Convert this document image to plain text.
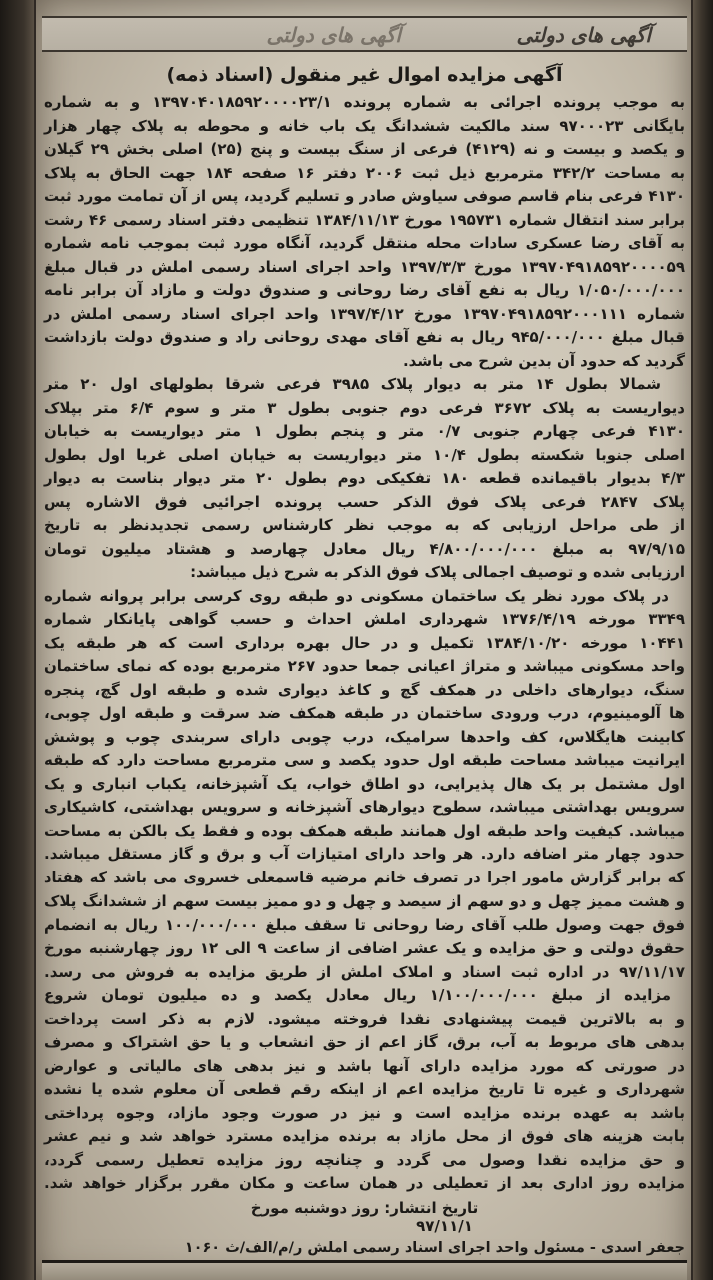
آگهی های دولتی
آگهی های دولتی
آگهی مزایده اموال غیر منقول (اسناد ذمه)
به موجب پرونده اجرائی به شماره پرونده ۱۳۹۷۰۴۰۱۸۵۹۲۰۰۰۰۲۳/۱ و به شماره
بایگانی ۹۷۰۰۰۲۳ سند مالکیت ششدانگ یک باب خانه و محوطه به پلاک چهار هزار
و یکصد و بیست و نه (۴۱۲۹) فرعی از سنگ بیست و پنج (۲۵) اصلی بخش ۲۹ گیلان
به مساحت ۳۴۲/۲ مترمربع ذیل ثبت ۲۰۰۶ دفتر ۱۶ صفحه ۱۸۴ جهت الحاق به پلاک
۴۱۳۰ فرعی بنام قاسم صوفی سیاوش صادر و تسلیم گردید، پس از آن تمامت مورد ثبت
برابر سند انتقال شماره ۱۹۵۷۳۱ مورخ ۱۳۸۴/۱۱/۱۳ تنظیمی دفتر اسناد رسمی ۴۶ رشت
به آقای رضا عسکری سادات محله منتقل گردید، آنگاه مورد ثبت بموجب نامه شماره
۱۳۹۷۰۴۹۱۸۵۹۲۰۰۰۰۵۹ مورخ ۱۳۹۷/۳/۳ واحد اجرای اسناد رسمی املش در قبال مبلغ
۱/۰۵۰/۰۰۰/۰۰۰ ریال به نفع آقای رضا روحانی و صندوق دولت و مازاد آن برابر نامه
شماره ۱۳۹۷۰۴۹۱۸۵۹۲۰۰۰۱۱۱ مورخ ۱۳۹۷/۴/۱۲ واحد اجرای اسناد رسمی املش در
قبال مبلغ ۹۴۵/۰۰۰/۰۰۰ ریال به نفع آقای مهدی روحانی راد و صندوق دولت بازداشت
گردید که حدود آن بدین شرح می باشد.
شمالا بطول ۱۴ متر به دیوار پلاک ۳۹۸۵ فرعی شرقا بطولهای اول ۲۰ متر
دیواریست به پلاک ۳۶۷۲ فرعی دوم جنوبی بطول ۳ متر و سوم ۶/۴ متر بپلاک
۴۱۳۰ فرعی چهارم جنوبی ۰/۷ متر و پنجم بطول ۱ متر دیواریست به خیابان
اصلی جنوبا شکسته بطول ۱۰/۴ متر دیواریست به خیابان اصلی غربا اول بطول
۴/۳ بدیوار باقیمانده قطعه ۱۸۰ تفکیکی دوم بطول ۲۰ متر دیوار بناست به دیوار
پلاک ۲۸۴۷ فرعی پلاک فوق الذکر حسب پرونده اجرائیی فوق الاشاره پس
از طی مراحل ارزیابی که به موجب نظر کارشناس رسمی تجدیدنظر به تاریخ
۹۷/۹/۱۵ به مبلغ ۴/۸۰۰/۰۰۰/۰۰۰ ریال معادل چهارصد و هشتاد میلیون تومان
ارزیابی شده و توصیف اجمالی پلاک فوق الذکر به شرح ذیل میباشد:
در پلاک مورد نظر یک ساختمان مسکونی دو طبقه روی کرسی برابر پروانه شماره
۳۳۴۹ مورخه ۱۳۷۶/۴/۱۹ شهرداری املش احداث و حسب گواهی پایانکار شماره
۱۰۴۴۱ مورخه ۱۳۸۴/۱۰/۲۰ تکمیل و در حال بهره برداری است که هر طبقه یک
واحد مسکونی میباشد و متراژ اعیانی جمعا حدود ۲۶۷ مترمربع بوده که نمای ساختمان
سنگ، دیوارهای داخلی در همکف گچ و کاغذ دیواری شده و طبقه اول گچ، پنجره
ها آلومینیوم، درب ورودی ساختمان در طبقه همکف ضد سرقت و طبقه اول چوبی،
کابینت هایگلاس، کف واحدها سرامیک، درب چوبی دارای سربندی چوب و پوشش
ایرانیت میباشد مساحت طبقه اول حدود یکصد و سی مترمربع مساحت دارد که طبقه
اول مشتمل بر یک هال پذیرایی، دو اطاق خواب، یک آشپزخانه، یکباب انباری و یک
سرویس بهداشتی میباشد، سطوح دیوارهای آشپزخانه و سرویس بهداشتی، کاشیکاری
میباشد. کیفیت واحد طبقه اول همانند طبقه همکف بوده و فقط یک بالکن به مساحت
حدود چهار متر اضافه دارد. هر واحد دارای امتیازات آب و برق و گاز مستقل میباشد.
که برابر گزارش مامور اجرا در تصرف خانم مرضیه قاسمعلی خسروی می باشد که هفتاد
و هشت ممیز چهل و دو سهم از سیصد و چهل و دو ممیز بیست سهم از ششدانگ پلاک
فوق جهت وصول طلب آقای رضا روحانی تا سقف مبلغ ۱۰۰/۰۰۰/۰۰۰ ریال به انضمام
حقوق دولتی و حق مزایده و یک عشر اضافی از ساعت ۹ الی ۱۲ روز چهارشنبه مورخ
۹۷/۱۱/۱۷ در اداره ثبت اسناد و املاک املش از طریق مزایده به فروش می رسد.
مزایده از مبلغ ۱/۱۰۰/۰۰۰/۰۰۰ ریال معادل یکصد و ده میلیون تومان شروع
و به بالاترین قیمت پیشنهادی نقدا فروخته میشود. لازم به ذکر است پرداخت
بدهی های مربوط به آب، برق، گاز اعم از حق انشعاب و یا حق اشتراک و مصرف
در صورتی که مورد مزایده دارای آنها باشد و نیز بدهی های مالیاتی و عوارض
شهرداری و غیره تا تاریخ مزایده اعم از اینکه رقم قطعی آن معلوم شده یا نشده
باشد به عهده برنده مزایده است و نیز در صورت وجود مازاد، وجوه پرداختی
بابت هزینه های فوق از محل مازاد به برنده مزایده مسترد خواهد شد و نیم عشر
و حق مزایده نقدا وصول می گردد و چنانچه روز مزایده تعطیل رسمی گردد،
مزایده روز اداری بعد از تعطیلی در همان ساعت و مکان مقرر برگزار خواهد شد.
تاریخ انتشار: روز دوشنبه مورخ
۹۷/۱۱/۱
جعفر اسدی - مسئول واحد اجرای اسناد رسمی املش ر/م/الف/ث ۱۰۶۰
